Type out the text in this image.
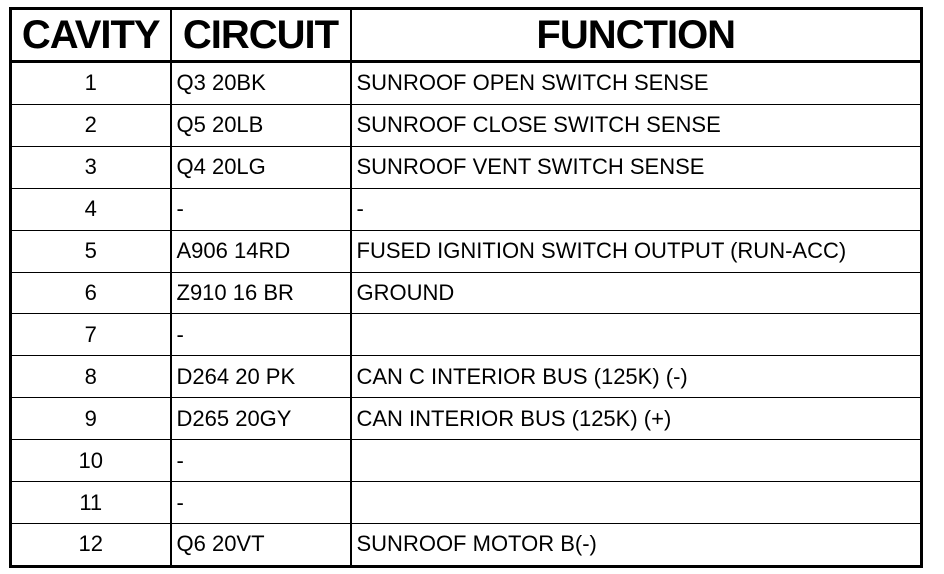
CAVITY	CIRCUIT	FUNCTION
1	Q3 20BK	SUNROOF OPEN SWITCH SENSE
2	Q5 20LB	SUNROOF CLOSE SWITCH SENSE
3	Q4 20LG	SUNROOF VENT SWITCH SENSE
4	-	-
5	A906 14RD	FUSED IGNITION SWITCH OUTPUT (RUN-ACC)
6	Z910 16 BR	GROUND
7	-	
8	D264 20 PK	CAN C INTERIOR BUS (125K) (-)
9	D265 20GY	CAN INTERIOR BUS (125K) (+)
10	-	
11	-	
12	Q6 20VT	SUNROOF MOTOR B(-)
